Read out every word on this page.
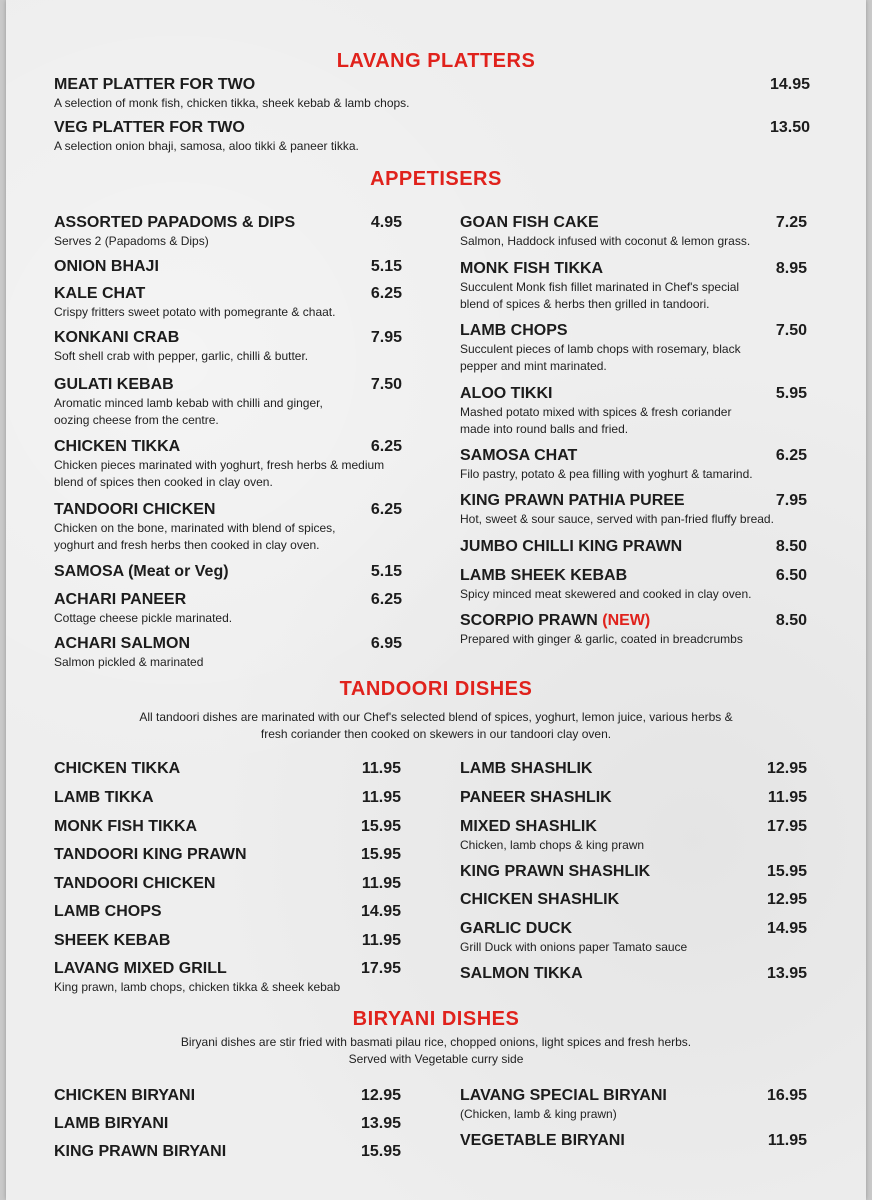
LAVANG PLATTERS
MEAT PLATTER FOR TWO
A selection of monk fish, chicken tikka, sheek kebab & lamb chops.
14.95
VEG PLATTER FOR TWO
A selection onion bhaji, samosa, aloo tikki & paneer tikka.
13.50
APPETISERS
ASSORTED PAPADOMS & DIPS
Serves 2 (Papadoms & Dips)
4.95
ONION BHAJI	5.15
KALE CHAT
Crispy fritters sweet potato with pomegrante & chaat.
6.25
KONKANI CRAB
Soft shell crab with pepper, garlic, chilli & butter.
7.95
GULATI KEBAB
Aromatic minced lamb kebab with chilli and ginger, oozing cheese from the centre.
7.50
CHICKEN TIKKA
Chicken pieces marinated with yoghurt, fresh herbs & medium blend of spices then cooked in clay oven.
6.25
TANDOORI CHICKEN
Chicken on the bone, marinated with blend of spices, yoghurt and fresh herbs then cooked in clay oven.
6.25
SAMOSA (Meat or Veg)	5.15
ACHARI PANEER
Cottage cheese pickle marinated.
6.25
ACHARI SALMON
Salmon pickled & marinated
6.95
GOAN FISH CAKE
Salmon, Haddock infused with coconut & lemon grass.
7.25
MONK FISH TIKKA
Succulent Monk fish fillet marinated in Chef's special blend of spices & herbs then grilled in tandoori.
8.95
LAMB CHOPS
Succulent pieces of lamb chops with rosemary, black pepper and mint marinated.
7.50
ALOO TIKKI
Mashed potato mixed with spices & fresh coriander made into round balls and fried.
5.95
SAMOSA CHAT
Filo pastry, potato & pea filling with yoghurt & tamarind.
6.25
KING PRAWN PATHIA PUREE
Hot, sweet & sour sauce, served with pan-fried fluffy bread.
7.95
JUMBO CHILLI KING PRAWN	8.50
LAMB SHEEK KEBAB
Spicy minced meat skewered and cooked in clay oven.
6.50
SCORPIO PRAWN (NEW)
Prepared with ginger & garlic, coated in breadcrumbs
8.50
TANDOORI DISHES
All tandoori dishes are marinated with our Chef's selected blend of spices, yoghurt, lemon juice, various herbs &
fresh coriander then cooked on skewers in our tandoori clay oven.
CHICKEN TIKKA	11.95
LAMB TIKKA	11.95
MONK FISH TIKKA	15.95
TANDOORI KING PRAWN	15.95
TANDOORI CHICKEN	11.95
LAMB CHOPS	14.95
SHEEK KEBAB	11.95
LAVANG MIXED GRILL
King prawn, lamb chops, chicken tikka & sheek kebab
17.95
LAMB SHASHLIK	12.95
PANEER SHASHLIK	11.95
MIXED SHASHLIK
Chicken, lamb chops & king prawn
17.95
KING PRAWN SHASHLIK	15.95
CHICKEN SHASHLIK	12.95
GARLIC DUCK
Grill Duck with onions paper Tamato sauce
14.95
SALMON TIKKA	13.95
BIRYANI DISHES
Biryani dishes are stir fried with basmati pilau rice, chopped onions, light spices and fresh herbs.
Served with Vegetable curry side
CHICKEN BIRYANI	12.95
LAMB BIRYANI	13.95
KING PRAWN BIRYANI	15.95
LAVANG SPECIAL BIRYANI
(Chicken, lamb & king prawn)
16.95
VEGETABLE BIRYANI	11.95
